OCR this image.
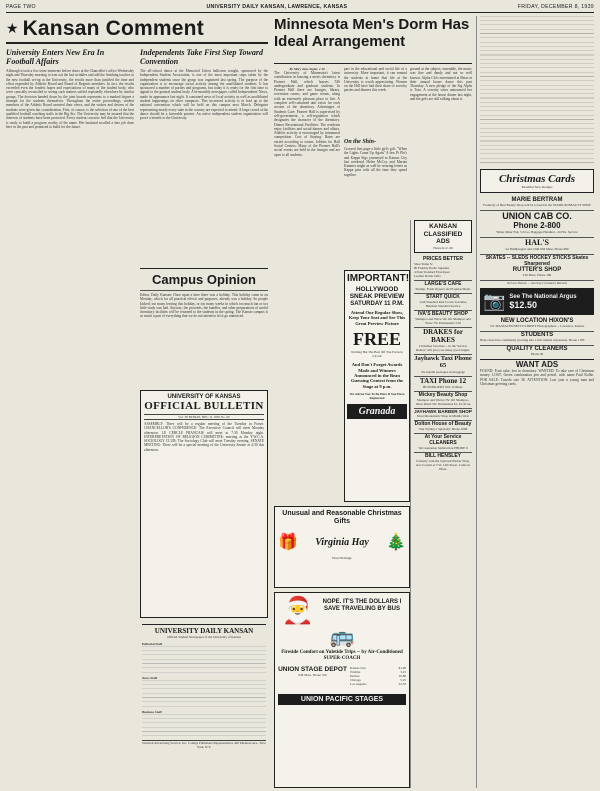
PAGE TWO	UNIVERSITY DAILY KANSAN, LAWRENCE, KANSAS	FRIDAY, DECEMBER 8, 1939
★ Kansan Comment
University Enters New Era In Football Affairs
Although it took a few tense moments before doors at the Chancellor's office Wednesday night and Thursday morning to iron out the last wrinkles and add the finishing touches to the new football set-up at the University, the results more than justified the time and effort expended by Athletic Board and Board of Regents members. In fact, the results exceeded even the fondest hopes and expectations of many of the student body, who were cynically reconciled to seeing such matters settled repeatedly elsewhere by similar groups. The decision handed down by the joint boards represents to a marked degree a triumph for the students themselves. Throughout the entire proceedings, student members of the Athletic Board asserted their views, and the wishes and desires of the students were given fair consideration. First, of course, is the selection of one of the best qualified football coaching staffs in the Big Six. The University may be assured that the interests of students have been protected. Every student can now feel that the University is ready to build a program worthy of the name. Her husband recalled a fine job done here in the past and promised to build for the future.
Independents Take First Step Toward Convention
The all-school dance at the Memorial Union ballroom tonight, sponsored by the Independent Student Association, is one of the most important steps taken by the independent students since the group was organized last spring. The purpose of the organization is to encourage social activity among the unaffiliated students. It has sponsored a number of parties and programs, but today it is ready for the first time to appeal to the general student body. A bi-monthly newspaper, called Independents' News, made its appearance last night. It contained news of local activity as well as unaffiliated student happenings on other campuses. This increased activity is in lead up to the national convention which will be held on this campus next March. Delegates representing nearly every state in the country are expected to attend. A large crowd at the dance should be a favorable portent. An active independent student organization will prove a benefit to the University.
Campus Opinion
Editor, Daily Kansan: Once upon a time there was a holiday. This holiday came in on Monday, which for all practical effects and purposes, already was a holiday. So people kicked; too many leaving this holiday, or too many weeks in which too much fun or too little study was had. Anyway, the proceeds, the bundles, and other preparations of useful dormitory facilities will be returned to the students in the spring. The Kansas campus is so much a part of everything that we do not intend to let it go unnoticed.
UNIVERSITY OF KANSAS
OFFICIAL BULLETIN
Vol. 38 FRIDAY, DEC. 8, 1939 No. 60
ASSEMBLY: There will be a regular meeting of the Tuesday in Fraser. CHANCELLOR'S CONFERENCE: The Executive Council will meet Monday afternoon. LE CERCLE FRANCAIS will meet at 7:30 Monday night. INTERPRETATION OF RELIGION COMMITTEE: meeting at the Y.W.C.A. SOCIOLOGY CLUB: The Sociology Club will meet Tuesday evening. SENATE MEETING: There will be a special meeting of the University Senate at 4:30 this afternoon.
UNIVERSITY DAILY KANSAN
Official Student Newspaper of the University of Kansas
Editorial Staff
News Staff
Business Staff
National Advertising Service, Inc. College Publishers Representative 420 Madison Ave., New York, N.Y.
Minnesota Men's Dorm Has Ideal Arrangement
By Mary Jane Sigler, c'40
The University of Minnesota's latest contribution in housing a men's dormitory is Pioneer Hall, which houses 536 undergraduate and graduate students. In Pioneer Hall there are lounges, library, recreation rooms, and game rooms, along with an extremely pleasant place to live. A complete self-contained unit exists for each section of the dormitory. Advantages of Students Care: Pioneer Hall is supervised by self-government, a self-regulation which designates the character of the dormitory. Dinner Recreational Facilities: The residents enjoy facilities and social dances and affairs. Athletic activity is encouraged by intramural competition. Cost of Staying: Rates are varied according to rooms. Jobbies for Hall Social Centers: Many of the Pioneer Hall's social events are held in the lounges and are open to all students.
part in the educational and social life of a university. More important, it can remind the students at home that life at the University is worth appreciating. Women on the Hill have had their share of sorority parties and dinners this week.
On the Shin-
Crossed first page a little girl's gift: "When the Lights Come Up Again" A few Pi Phi's and Kappa Sigs journeyed to Kansas City last weekend. Helen McCoy and Marian Kimmer might as well be wearing letters as Kappa pins with all the time they spend together.
ground at the subject, ensemble, the music was fine and dandy and not so well known. Alpha Chi's entertained at Betas at their annual house dance this past Thursday. A new pledge of the Sig Alphs is Tom. A sorority sister announced her engagement at the house dinner last night, and the girls are still talking about it.
IMPORTANT!
HOLLYWOOD SNEAK PREVIEW
SATURDAY 11 P.M.
Attend Our Regular Show, Keep Your Seat and See This Great Preview Picture
FREE
Nothing But The Best Off The Preview Circuit
And Don't Forget Awards Made and Winners Announced in the Bean Guessing Contest from the Stage at 9 p.m.
We Advise You To Be Here If You Have Registered
Granada
Unusual and Reasonable Christmas Gifts
🎁 Virginia Hay 🎄
Hotel Eldridge
🎅	NOPE. IT'S THE DOLLARS I SAVE TRAVELING BY BUS
🚌
Fireside Comfort on Yuletide Trips -- by Air-Conditioned SUPER-COACH
UNION STAGE DEPOT
638 Mass. Phone 550
Kansas City	$1.00
Wichita	3.25
Denver	10.80
Chicago	5.25
Los Angeles	22.35
UNION PACIFIC STAGES
KANSAN CLASSIFIED ADS
Phone K.U. 66
PRICES BETTER
Shoe Shine 5c
Hi Fidelity Radio Supplies
4 Pads Standard Envelopes
Leather Dollar Gifts
LARGE'S CAFE
Shrimp, Fresh Oysters and Popular Meals
START QUICK
with Standard Red Crown Gasoline Hartman Standard Service
IVA'S BEAUTY SHOP
Shampoo and Wave 50c Oil Shampoo and Wave 75c Permanents 3.50
DRAKES for BAKES
Christmas favorites -- in the 'Service Deluxe' will give you many good laughs.
Jayhawk Taxi Phone 65
We handle packages and luggage
TAXI Phone 12
HUNSINGER'S 910-12 Mass.
Mickey Beauty Shop
Shampoo and Waves 35c Oil Shampoo, Wave Dried 50c Permanents $1, $1.50 up
JAYHAWK BARBER SHOP
Most Modernistic Shop in Middle West
Dolton House of Beauty
'Our Styling a Specialty' Phone 1066
At Your Service CLEANERS
We Guarantee Satisfaction PHONE 9
BILL HENSLEY
formerly with the Jayhawk Barber Shop, now located at 5 W. 14th Street. Come in Often.
Christmas Cards
Beautiful New Designs
MARIE BERTRAM
Formerly of Best Beauty Shop will be located in the STADIUM BEAUTY SHOP
UNION CAB CO.
Phone 2-800
When Other Fail, 5-6 Go, Baggage Handled - 24 Hrs. Service
HAL'S
for Hamburgers and Chili 904 Mass. Phone 980
SKATES -- SLEDS HOCKEY STICKS Skates Sharpened
RUTTER'S SHOP
910 Mass. Phone 169
Service Deluxe -- starring Constance Bennett
📷 See The National Argus
$12.50
NEW LOCATION HIXON'S
721 MASSACHUSETTS STREET Photographers -- Lawrence, Kansas
STUDENTS
Help cancel the community growing into a full student expression, Phone 1193.
QUALITY CLEANERS
Phone 36
WANT ADS
FOUND: Fruit cake, lost in dormitory. WANTED: To take care of Christmas money. LOST: Green combination pen and pencil, with name Paul Kolbe. FOR SALE: Tuxedo size 38. ATTENTION: Last year a young man and Christmas greeting cards.
